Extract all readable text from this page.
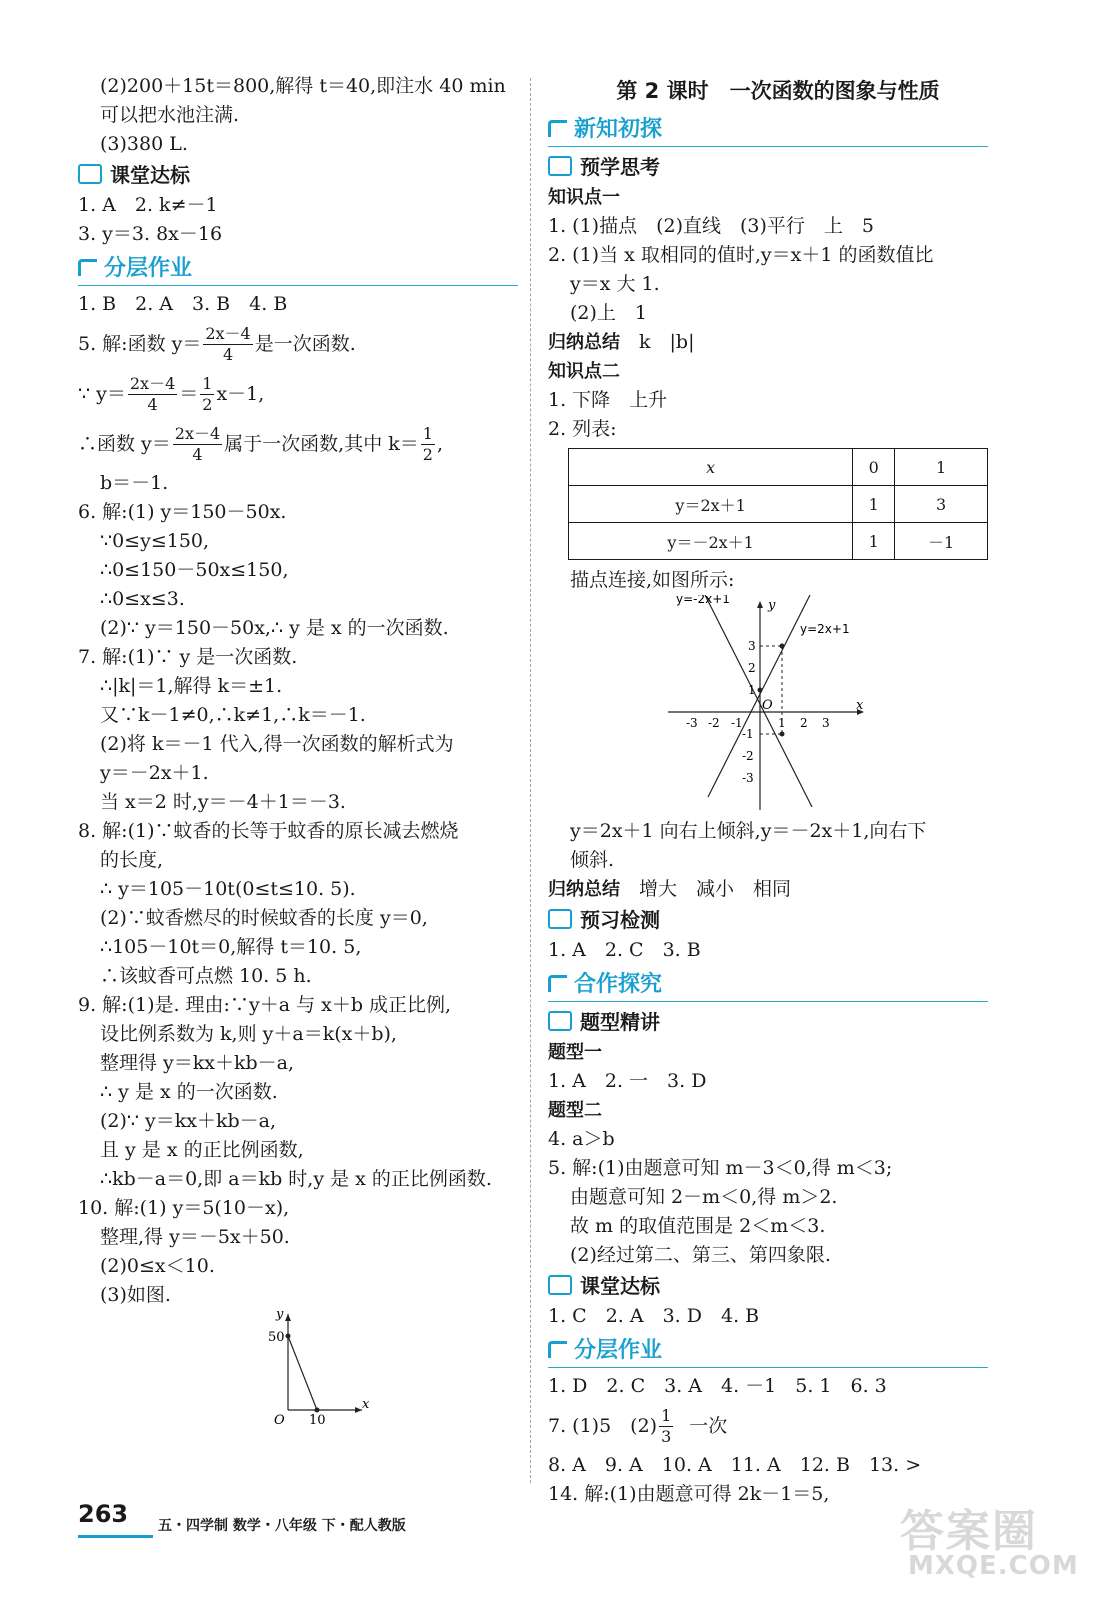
(2)200＋15t＝800,解得 t＝40,即注水 40 min
可以把水池注满.
(3)380 L.
课堂达标
1. A　2. k≠－1
3. y＝3. 8x－16
分层作业
1. B　2. A　3. B　4. B
5. 解:函数 $y= \frac{2x-4}{4}$ 是一次函数.
∵ $y= \frac{2x-4}{4} = \frac{1}{2} x-1$,
∴函数 $y= \frac{2x-4}{4}$ 属于一次函数,其中 $k= \frac{1}{2}$ ,
b＝－1.
6. 解:(1) y＝150－50x.
∵0≤y≤150,
∴0≤150－50x≤150,
∴0≤x≤3.
(2)∵ y＝150－50x,∴ y 是 x 的一次函数.
7. 解:(1)∵ y 是一次函数.
∴|k|＝1,解得 k＝±1.
又∵k－1≠0,∴k≠1,∴k＝－1.
(2)将 k＝－1 代入,得一次函数的解析式为
y＝－2x＋1.
当 x＝2 时,y＝－4＋1＝－3.
8. 解:(1)∵蚊香的长等于蚊香的原长减去燃烧
的长度,
∴ y＝105－10t(0≤t≤10. 5).
(2)∵蚊香燃尽的时候蚊香的长度 y＝0,
∴105－10t＝0,解得 t＝10. 5,
∴该蚊香可点燃 10. 5 h.
9. 解:(1)是. 理由:∵y＋a 与 x＋b 成正比例,
设比例系数为 k,则 y＋a＝k(x＋b),
整理得 y＝kx＋kb－a,
∴ y 是 x 的一次函数.
(2)∵ y＝kx＋kb－a,
且 y 是 x 的正比例函数,
∴kb－a＝0,即 a＝kb 时,y 是 x 的正比例函数.
10. 解:(1) y＝5(10－x),
整理,得 y＝－5x＋50.
(2)0≤x＜10.
(3)如图.
y
x
O
50
10
第 2 课时　一次函数的图象与性质
新知初探
预学思考
知识点一
1. (1)描点　(2)直线　(3)平行　上　5
2. (1)当 x 取相同的值时,y＝x＋1 的函数值比
y＝x 大 1.
(2)上　1
归纳总结　 k　|b|
知识点二
1. 下降　上升
2. 列表:
x	0	1
y＝2x＋1	1	3
y＝－2x＋1	1	－1
描点连接,如图所示:
y=-2x+1
y=2x+1
y
x
O
-3 -2 -1	1 2 3
3
2
1
-1
-2
-3
y＝2x＋1 向右上倾斜,y＝－2x＋1,向右下
倾斜.
归纳总结　 增大　减小　相同
预习检测
1. A　2. C　3. B
合作探究
题型精讲
题型一
1. A　2. 一　3. D
题型二
4. a＞b
5. 解:(1)由题意可知 m－3＜0,得 m＜3;
由题意可知 2－m＜0,得 m＞2.
故 m 的取值范围是 2＜m＜3.
(2)经过第二、第三、第四象限.
课堂达标
1. C　2. A　3. D　4. B
分层作业
1. D　2. C　3. A　4. －1　5. 1　6. 3
7. (1)5　$(2) \frac{1}{3}$ 一次
8. A　9. A　10. A　11. A　12. B　13. >
14. 解:(1)由题意可得 2k－1＝5,
263 五・四学制 数学・八年级 下・配人教版	答案圈
MXQE.COM
